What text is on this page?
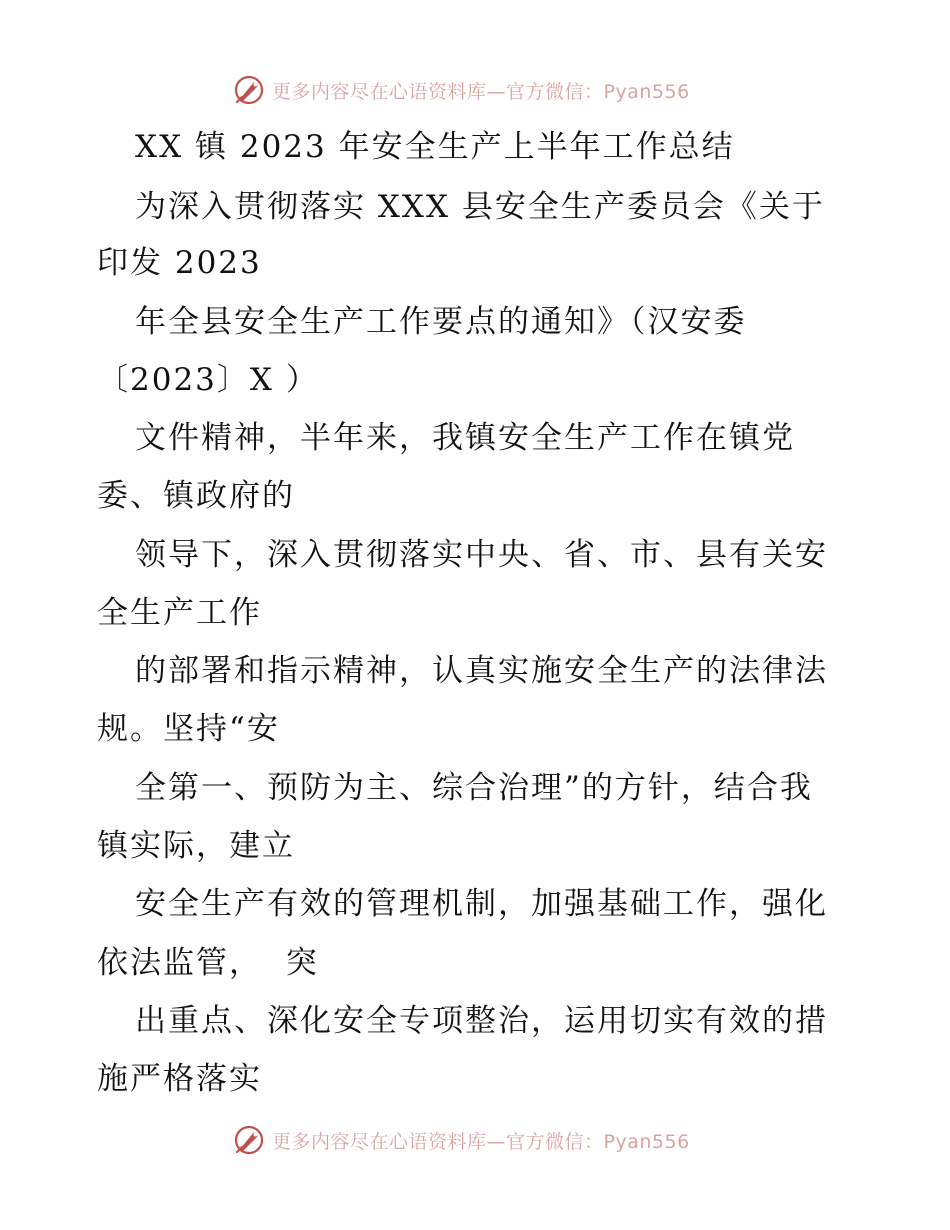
更多内容尽在心语资料库—官方微信：Pyan556

XX 镇 2023 年安全生产上半年工作总结

为深入贯彻落实 XXX 县安全生产委员会《关于

印发 2023

年全县安全生产工作要点的通知》（汉安委

〔2023〕X ）

文件精神，半年来，我镇安全生产工作在镇党

委、镇政府的

领导下，深入贯彻落实中央、省、市、县有关安

全生产工作

的部署和指示精神，认真实施安全生产的法律法

规。坚持“安

全第一、预防为主、综合治理”的方针，结合我

镇实际，建立

安全生产有效的管理机制，加强基础工作，强化

依法监管，  突

出重点、深化安全专项整治，运用切实有效的措

施严格落实

更多内容尽在心语资料库—官方微信：Pyan556
